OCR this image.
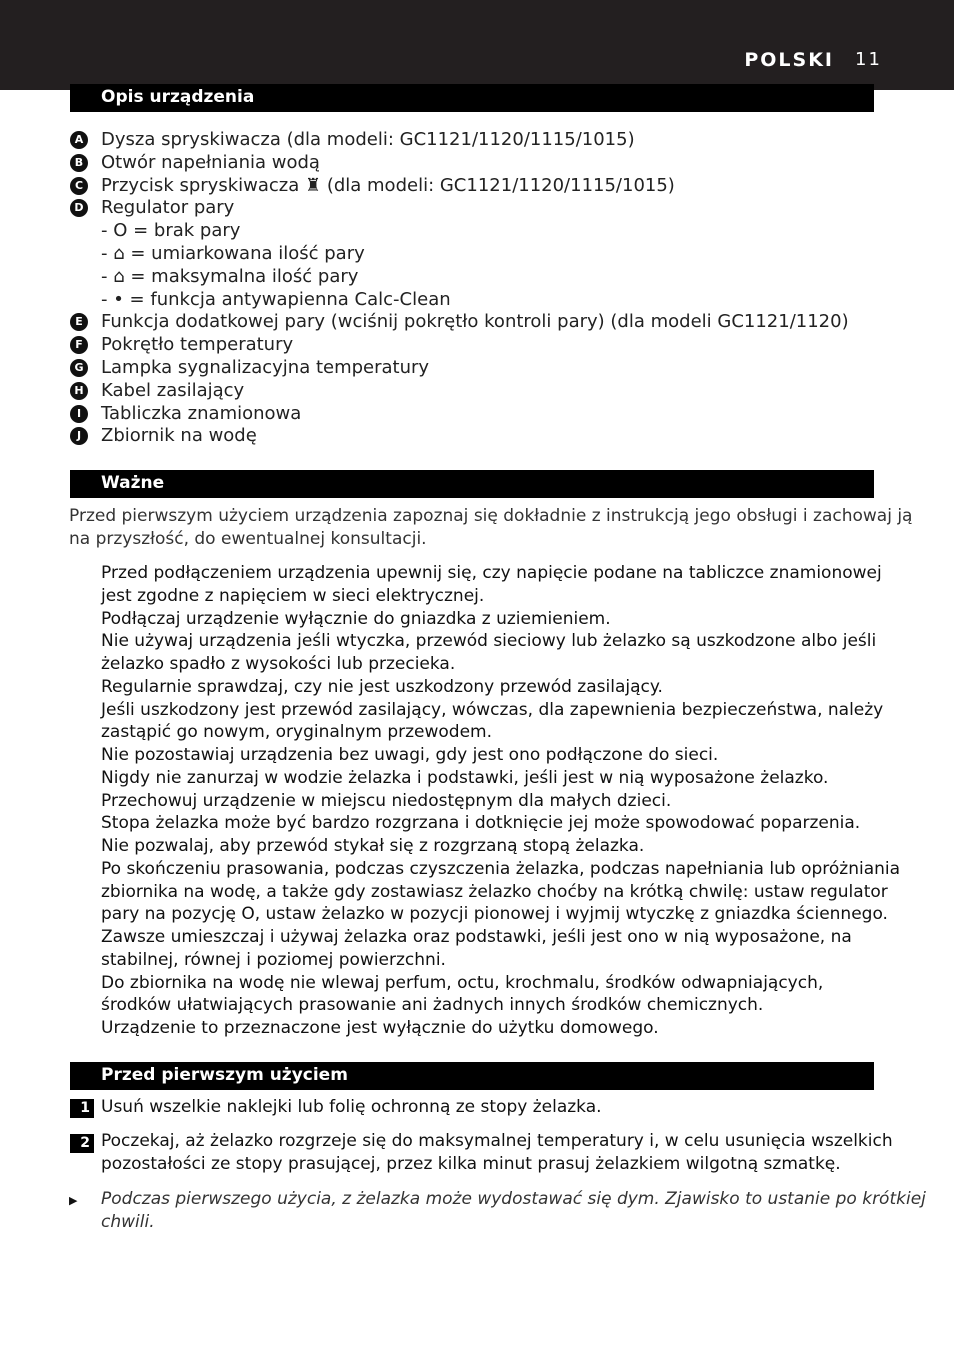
POLSKI 11
Opis urządzenia
A Dysza spryskiwacza (dla modeli: GC1121/1120/1115/1015)
B Otwór napełniania wodą
C Przycisk spryskiwacza ♜ (dla modeli: GC1121/1120/1115/1015)
D Regulator pary
- O = brak pary
- ⌂ = umiarkowana ilość pary
- ⌂ = maksymalna ilość pary
- • = funkcja antywapienna Calc-Clean
E Funkcja dodatkowej pary (wciśnij pokrętło kontroli pary) (dla modeli GC1121/1120)
F Pokrętło temperatury
G Lampka sygnalizacyjna temperatury
H Kabel zasilający
I	Tabliczka znamionowa
J	Zbiornik na wodę
Ważne
Przed pierwszym użyciem urządzenia zapoznaj się dokładnie z instrukcją jego obsługi i zachowaj ją
na przyszłość, do ewentualnej konsultacji.
Przed podłączeniem urządzenia upewnij się, czy napięcie podane na tabliczce znamionowej
jest zgodne z napięciem w sieci elektrycznej.
Podłączaj urządzenie wyłącznie do gniazdka z uziemieniem.
Nie używaj urządzenia jeśli wtyczka, przewód sieciowy lub żelazko są uszkodzone albo jeśli
żelazko spadło z wysokości lub przecieka.
Regularnie sprawdzaj, czy nie jest uszkodzony przewód zasilający.
Jeśli uszkodzony jest przewód zasilający, wówczas, dla zapewnienia bezpieczeństwa, należy
zastąpić go nowym, oryginalnym przewodem.
Nie pozostawiaj urządzenia bez uwagi, gdy jest ono podłączone do sieci.
Nigdy nie zanurzaj w wodzie żelazka i podstawki, jeśli jest w nią wyposażone żelazko.
Przechowuj urządzenie w miejscu niedostępnym dla małych dzieci.
Stopa żelazka może być bardzo rozgrzana i dotknięcie jej może spowodować poparzenia.
Nie pozwalaj, aby przewód stykał się z rozgrzaną stopą żelazka.
Po skończeniu prasowania, podczas czyszczenia żelazka, podczas napełniania lub opróżniania
zbiornika na wodę, a także gdy zostawiasz żelazko choćby na krótką chwilę: ustaw regulator
pary na pozycję O, ustaw żelazko w pozycji pionowej i wyjmij wtyczkę z gniazdka ściennego.
Zawsze umieszczaj i używaj żelazka oraz podstawki, jeśli jest ono w nią wyposażone, na
stabilnej, równej i poziomej powierzchni.
Do zbiornika na wodę nie wlewaj perfum, octu, krochmalu, środków odwapniających,
środków ułatwiających prasowanie ani żadnych innych środków chemicznych.
Urządzenie to przeznaczone jest wyłącznie do użytku domowego.
Przed pierwszym użyciem
1 Usuń wszelkie naklejki lub folię ochronną ze stopy żelazka.
2 Poczekaj, aż żelazko rozgrzeje się do maksymalnej temperatury i, w celu usunięcia wszelkich
pozostałości ze stopy prasującej, przez kilka minut prasuj żelazkiem wilgotną szmatkę.
▶ Podczas pierwszego użycia, z żelazka może wydostawać się dym. Zjawisko to ustanie po krótkiej
chwili.
